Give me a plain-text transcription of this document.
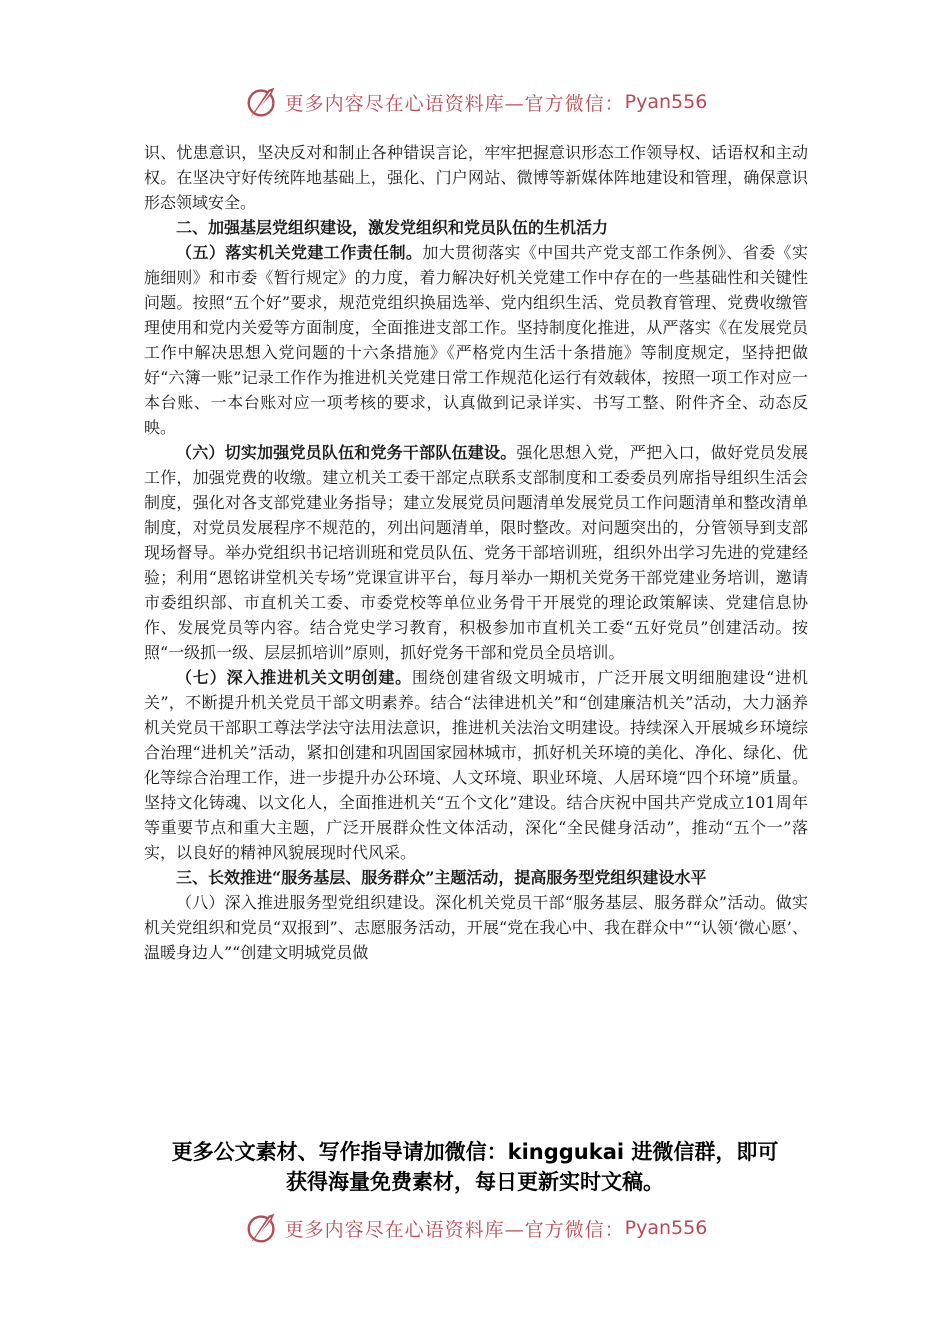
更多内容尽在心语资料库—官方微信： Pyan556

识、忧患意识，坚决反对和制止各种错误言论，牢牢把握意识形态工作领导权、话语权和主动权。在坚决守好传统阵地基础上，强化、门户网站、微博等新媒体阵地建设和管理，确保意识形态领域安全。

二、加强基层党组织建设，激发党组织和党员队伍的生机活力

（五）落实机关党建工作责任制。加大贯彻落实《中国共产党支部工作条例》、省委《实施细则》和市委《暂行规定》的力度，着力解决好机关党建工作中存在的一些基础性和关键性问题。按照“五个好”要求，规范党组织换届选举、党内组织生活、党员教育管理、党费收缴管理使用和党内关爱等方面制度，全面推进支部工作。坚持制度化推进，从严落实《在发展党员工作中解决思想入党问题的十六条措施》《严格党内生活十条措施》等制度规定，坚持把做好“六簿一账”记录工作作为推进机关党建日常工作规范化运行有效载体，按照一项工作对应一本台账、一本台账对应一项考核的要求，认真做到记录详实、书写工整、附件齐全、动态反映。

（六）切实加强党员队伍和党务干部队伍建设。强化思想入党，严把入口，做好党员发展工作，加强党费的收缴。建立机关工委干部定点联系支部制度和工委委员列席指导组织生活会制度，强化对各支部党建业务指导；建立发展党员问题清单发展党员工作问题清单和整改清单制度，对党员发展程序不规范的，列出问题清单，限时整改。对问题突出的，分管领导到支部现场督导。举办党组织书记培训班和党员队伍、党务干部培训班，组织外出学习先进的党建经验；利用“恩铭讲堂机关专场”党课宣讲平台，每月举办一期机关党务干部党建业务培训，邀请市委组织部、市直机关工委、市委党校等单位业务骨干开展党的理论政策解读、党建信息协作、发展党员等内容。结合党史学习教育，积极参加市直机关工委“五好党员”创建活动。按照“一级抓一级、层层抓培训”原则，抓好党务干部和党员全员培训。

（七）深入推进机关文明创建。围绕创建省级文明城市，广泛开展文明细胞建设“进机关”，不断提升机关党员干部文明素养。结合“法律进机关”和“创建廉洁机关”活动，大力涵养机关党员干部职工尊法学法守法用法意识，推进机关法治文明建设。持续深入开展城乡环境综合治理“进机关”活动，紧扣创建和巩固国家园林城市，抓好机关环境的美化、净化、绿化、优化等综合治理工作，进一步提升办公环境、人文环境、职业环境、人居环境“四个环境”质量。坚持文化铸魂、以文化人，全面推进机关“五个文化”建设。结合庆祝中国共产党成立101周年等重要节点和重大主题，广泛开展群众性文体活动，深化“全民健身活动”，推动“五个一”落实，以良好的精神风貌展现时代风采。

三、长效推进“服务基层、服务群众”主题活动，提高服务型党组织建设水平

（八）深入推进服务型党组织建设。深化机关党员干部“服务基层、服务群众”活动。做实机关党组织和党员“双报到”、志愿服务活动，开展“党在我心中、我在群众中”“认领‘微心愿’、温暖身边人”“创建文明城党员做

更多公文素材、写作指导请加微信：kinggukai 进微信群，即可
获得海量免费素材，每日更新实时文稿。
更多内容尽在心语资料库—官方微信： Pyan556
